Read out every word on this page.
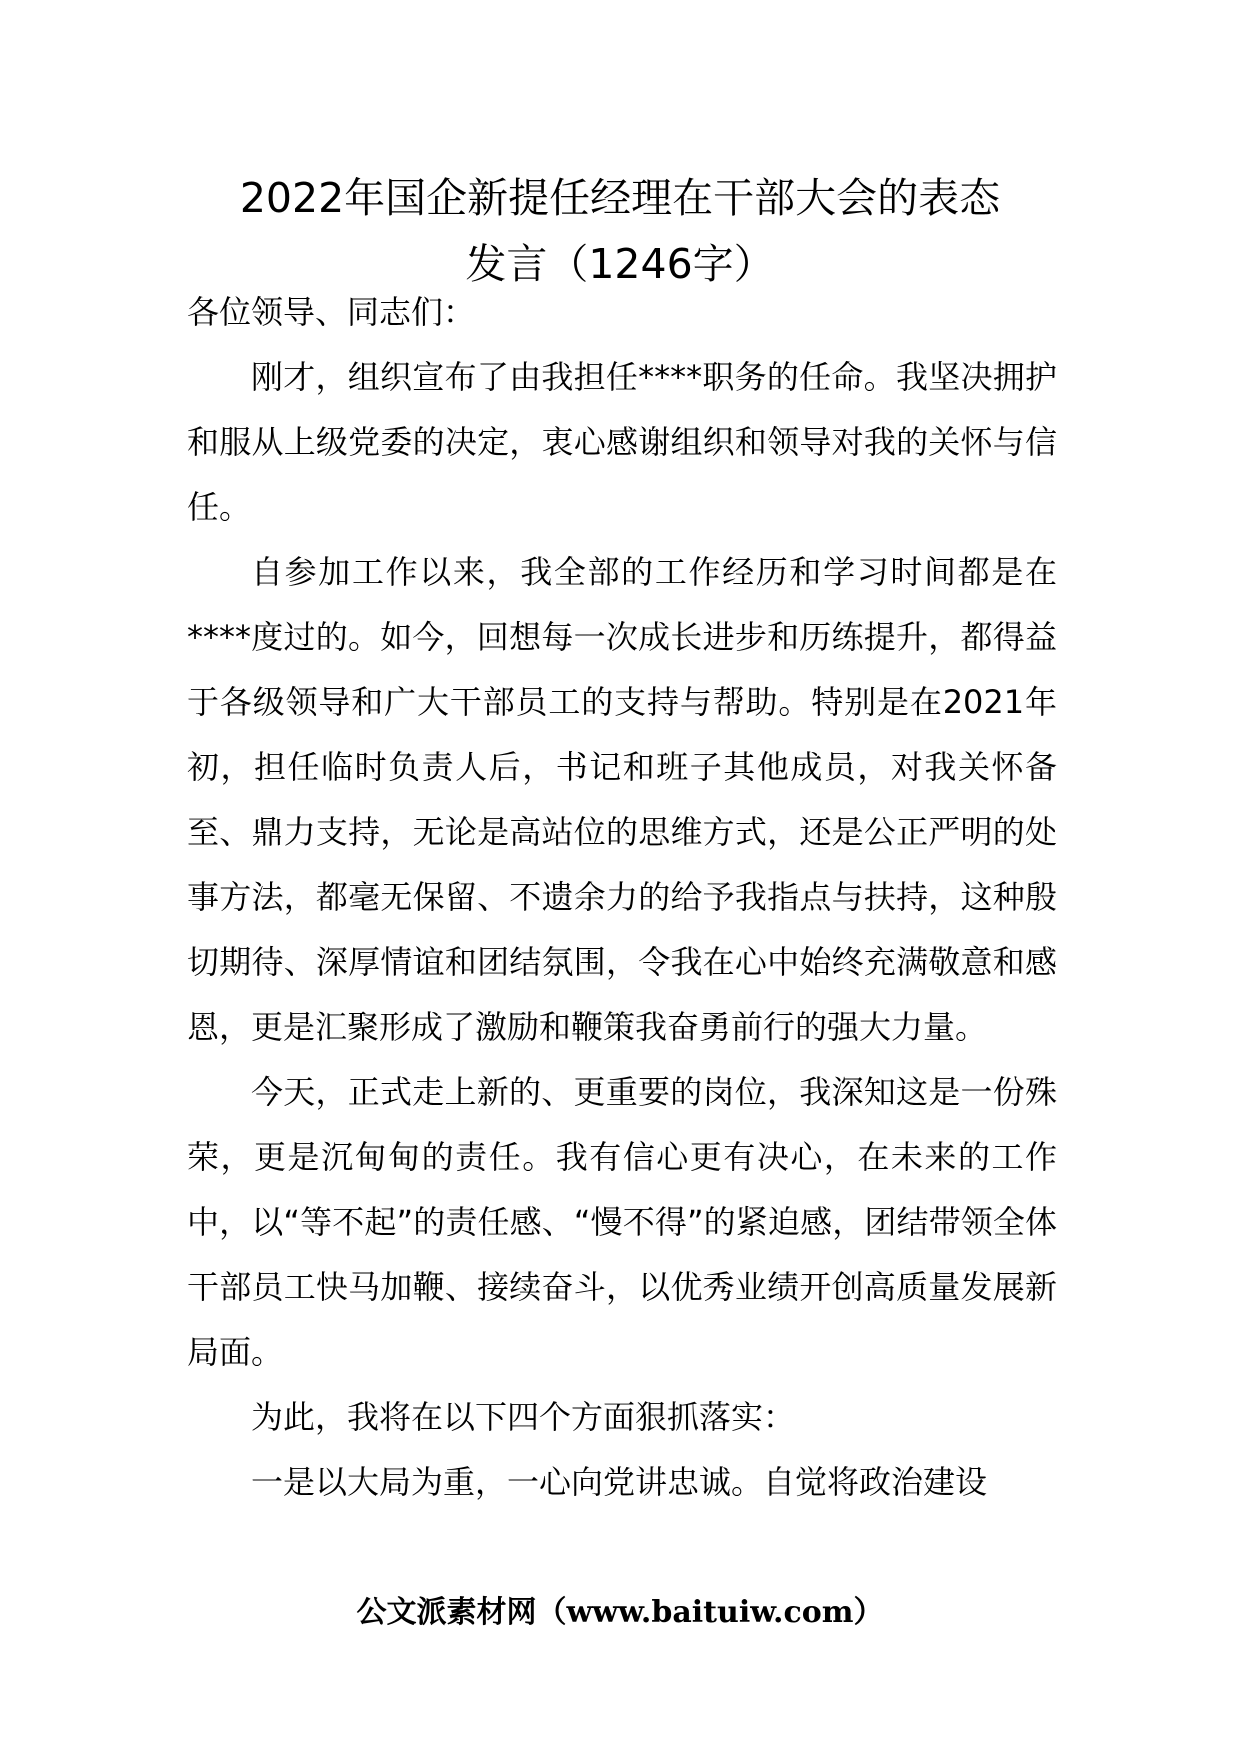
2022年国企新提任经理在干部大会的表态
发言（1246字）

各位领导、同志们：

刚才，组织宣布了由我担任****职务的任命。我坚决拥护和服从上级党委的决定，衷心感谢组织和领导对我的关怀与信任。

自参加工作以来，我全部的工作经历和学习时间都是在****度过的。如今，回想每一次成长进步和历练提升，都得益于各级领导和广大干部员工的支持与帮助。特别是在2021年初，担任临时负责人后，书记和班子其他成员，对我关怀备至、鼎力支持，无论是高站位的思维方式，还是公正严明的处事方法，都毫无保留、不遗余力的给予我指点与扶持，这种殷切期待、深厚情谊和团结氛围，令我在心中始终充满敬意和感恩，更是汇聚形成了激励和鞭策我奋勇前行的强大力量。

今天，正式走上新的、更重要的岗位，我深知这是一份殊荣，更是沉甸甸的责任。我有信心更有决心，在未来的工作中，以“等不起”的责任感、“慢不得”的紧迫感，团结带领全体干部员工快马加鞭、接续奋斗，以优秀业绩开创高质量发展新局面。

为此，我将在以下四个方面狠抓落实：

一是以大局为重，一心向党讲忠诚。自觉将政治建设

公文派素材网（www.baituiw.com）
